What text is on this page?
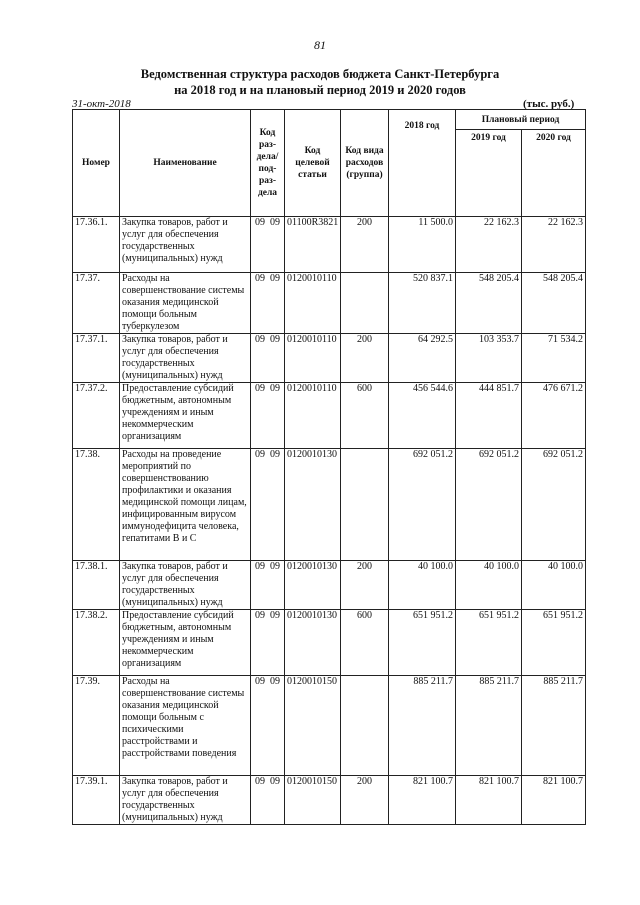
81
Ведомственная структура расходов бюджета Санкт-Петербурга
на 2018 год и на плановый период 2019 и 2020 годов
31-окт-2018	(тыс. руб.)
Номер	Наименование	Код раз- дела/ под- раз- дела	Код целевой статьи	Код вида расходов (группа)	2018 год	Плановый период	
						2019 год	2020 год
17.36.1.	Закупка товаров, работ и услуг для обеспечения государственных (муниципальных) нужд	09 09	01100R3821	200	11 500.0	22 162.3	22 162.3
17.37.	Расходы на совершенствование системы оказания медицинской помощи больным туберкулезом	09 09	0120010110		520 837.1	548 205.4	548 205.4
17.37.1.	Закупка товаров, работ и услуг для обеспечения государственных (муниципальных) нужд	09 09	0120010110	200	64 292.5	103 353.7	71 534.2
17.37.2.	Предоставление субсидий бюджетным, автономным учреждениям и иным некоммерческим организациям	09 09	0120010110	600	456 544.6	444 851.7	476 671.2
17.38.	Расходы на проведение мероприятий по совершенствованию профилактики и оказания медицинской помощи лицам, инфицированным вирусом иммунодефицита человека, гепатитами B и C	09 09	0120010130		692 051.2	692 051.2	692 051.2
17.38.1.	Закупка товаров, работ и услуг для обеспечения государственных (муниципальных) нужд	09 09	0120010130	200	40 100.0	40 100.0	40 100.0
17.38.2.	Предоставление субсидий бюджетным, автономным учреждениям и иным некоммерческим организациям	09 09	0120010130	600	651 951.2	651 951.2	651 951.2
17.39.	Расходы на совершенствование системы оказания медицинской помощи больным с психическими расстройствами и расстройствами поведения	09 09	0120010150		885 211.7	885 211.7	885 211.7
17.39.1.	Закупка товаров, работ и услуг для обеспечения государственных (муниципальных) нужд	09 09	0120010150	200	821 100.7	821 100.7	821 100.7
